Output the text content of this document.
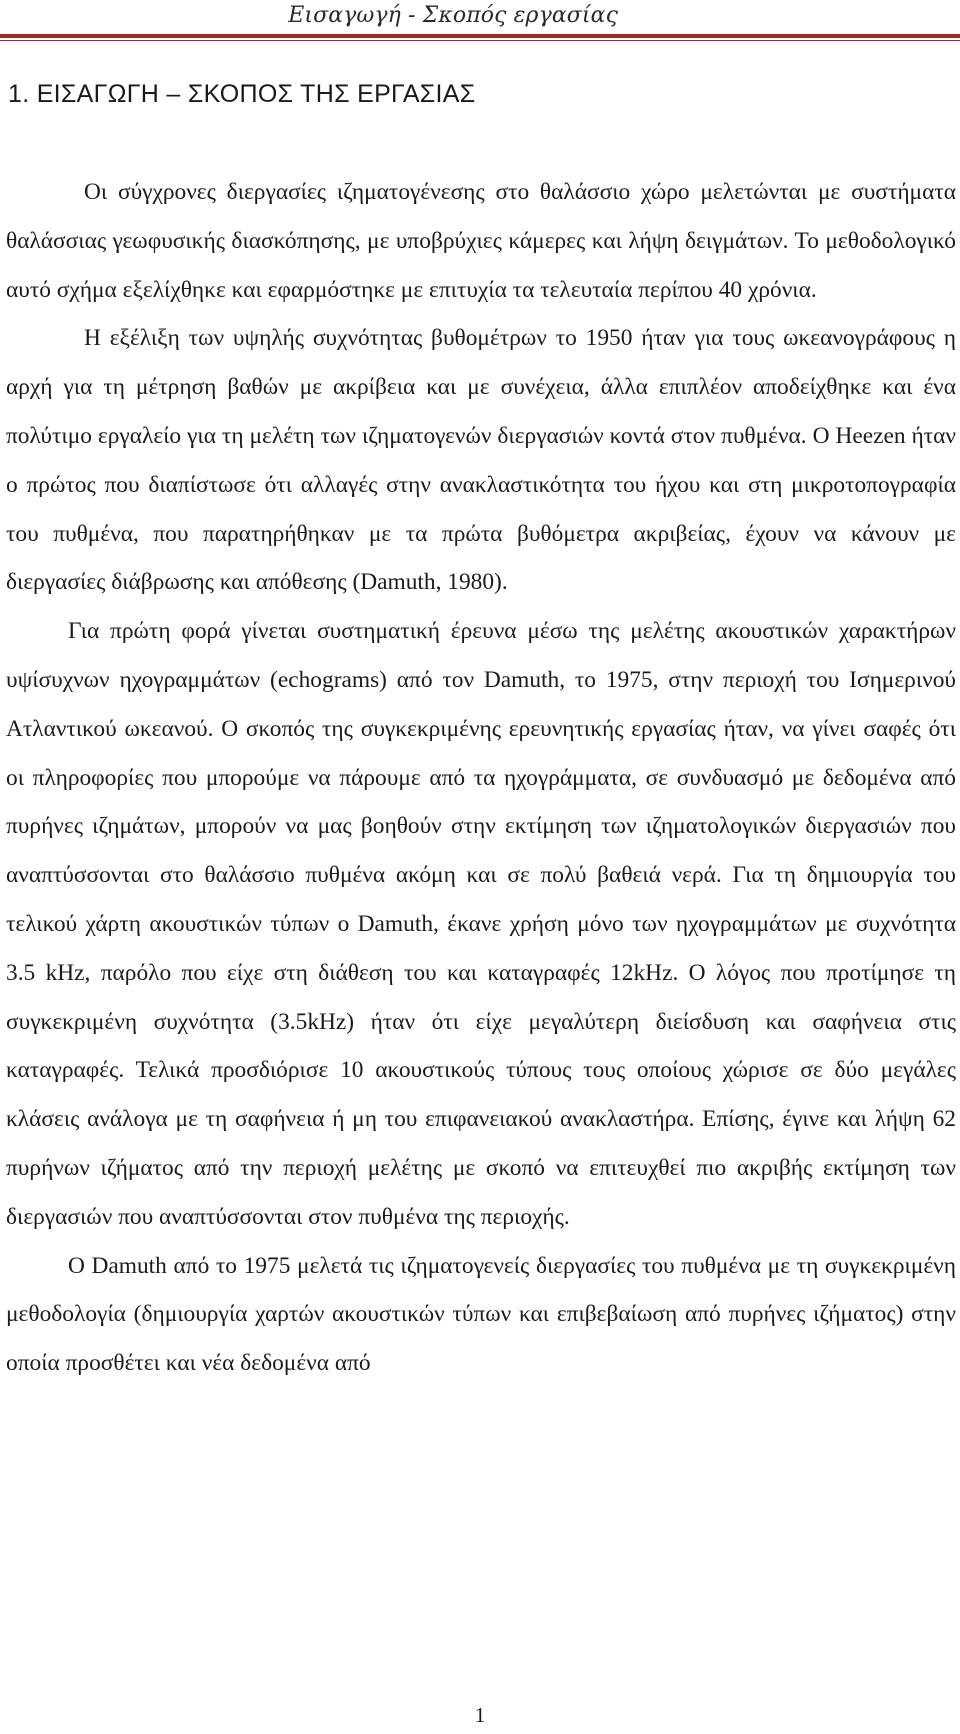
Εισαγωγή - Σκοπός εργασίας
1. ΕΙΣΑΓΩΓΗ – ΣΚΟΠΟΣ ΤΗΣ ΕΡΓΑΣΙΑΣ

Οι σύγχρονες διεργασίες ιζηματογένεσης στο θαλάσσιο χώρο μελετώνται με συστήματα θαλάσσιας γεωφυσικής διασκόπησης, με υποβρύχιες κάμερες και λήψη δειγμάτων. Το μεθοδολογικό αυτό σχήμα εξελίχθηκε και εφαρμόστηκε με επιτυχία τα τελευταία περίπου 40 χρόνια.

Η εξέλιξη των υψηλής συχνότητας βυθομέτρων το 1950 ήταν για τους ωκεανογράφους η αρχή για τη μέτρηση βαθών με ακρίβεια και με συνέχεια, άλλα επιπλέον αποδείχθηκε και ένα πολύτιμο εργαλείο για τη μελέτη των ιζηματογενών διεργασιών κοντά στον πυθμένα. Ο Heezen ήταν ο πρώτος που διαπίστωσε ότι αλλαγές στην ανακλαστικότητα του ήχου και στη μικροτοπογραφία του πυθμένα, που παρατηρήθηκαν με τα πρώτα βυθόμετρα ακριβείας, έχουν να κάνουν με διεργασίες διάβρωσης και απόθεσης (Damuth, 1980).

Για πρώτη φορά γίνεται συστηματική έρευνα μέσω της μελέτης ακουστικών χαρακτήρων υψίσυχνων ηχογραμμάτων (echograms) από τον Damuth, το 1975, στην περιοχή του Ισημερινού Ατλαντικού ωκεανού. Ο σκοπός της συγκεκριμένης ερευνητικής εργασίας ήταν, να γίνει σαφές ότι οι πληροφορίες που μπορούμε να πάρουμε από τα ηχογράμματα, σε συνδυασμό με δεδομένα από πυρήνες ιζημάτων, μπορούν να μας βοηθούν στην εκτίμηση των ιζηματολογικών διεργασιών που αναπτύσσονται στο θαλάσσιο πυθμένα ακόμη και σε πολύ βαθειά νερά. Για τη δημιουργία του τελικού χάρτη ακουστικών τύπων ο Damuth, έκανε χρήση μόνο των ηχογραμμάτων με συχνότητα 3.5 kHz, παρόλο που είχε στη διάθεση του και καταγραφές 12kHz. Ο λόγος που προτίμησε τη συγκεκριμένη συχνότητα (3.5kHz) ήταν ότι είχε μεγαλύτερη διείσδυση και σαφήνεια στις καταγραφές. Τελικά προσδιόρισε 10 ακουστικούς τύπους τους οποίους χώρισε σε δύο μεγάλες κλάσεις ανάλογα με τη σαφήνεια ή μη του επιφανειακού ανακλαστήρα. Επίσης, έγινε και λήψη 62 πυρήνων ιζήματος από την περιοχή μελέτης με σκοπό να επιτευχθεί πιο ακριβής εκτίμηση των διεργασιών που αναπτύσσονται στον πυθμένα της περιοχής.

Ο Damuth από το 1975 μελετά τις ιζηματογενείς διεργασίες του πυθμένα με τη συγκεκριμένη μεθοδολογία (δημιουργία χαρτών ακουστικών τύπων και επιβεβαίωση από πυρήνες ιζήματος) στην οποία προσθέτει και νέα δεδομένα από

1
